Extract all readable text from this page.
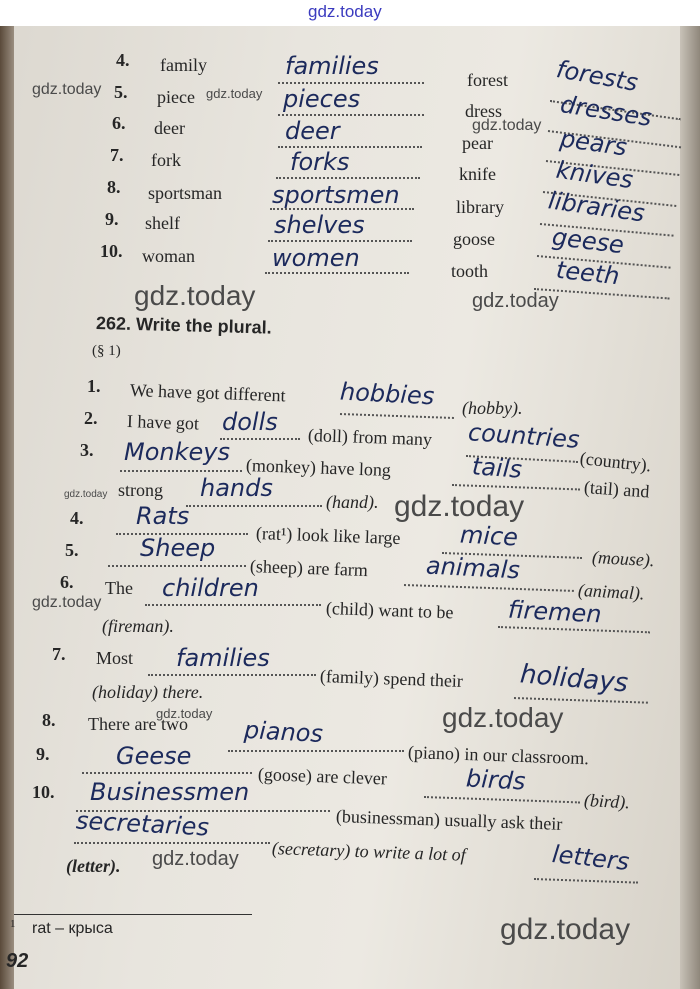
gdz.today
4. family	families
5. piece	pieces
6. deer	deer
7. fork	forks
8. sportsman sportsmen
9. shelf	shelves
10. woman	women
forest forests
dress dresses
pear	pears
knife knives
library libraries
goose geese
tooth	teeth
262. Write the plural.
(§ 1)
1. We have got different hobbies (hobby).
2. I have got dolls
(doll) from many countries
(country).
3. Monkeys
(monkey) have long	tails
(tail) and
strong hands	(hand).
4. Rats
(rat¹) look like large mice
(mouse).
5.	Sheep
(sheep) are farm animals
(animal).
6. The children
(child) want to be firemen
(fireman).
7. Most families
(family) spend their holidays
(holiday) there.
8. There are two pianos
(piano) in our classroom.
9.	Geese
(goose) are clever	birds
(bird).
10. Businessmen
(businessman) usually ask their
secretaries
(secretary) to write a lot of	letters
(letter).
1 rat – крыса
92
gdz.today	gdz.today
gdz.today
gdz.today	gdz.today
gdz.today	gdz.today
gdz.today
gdz.today	gdz.today
gdz.today
gdz.today
